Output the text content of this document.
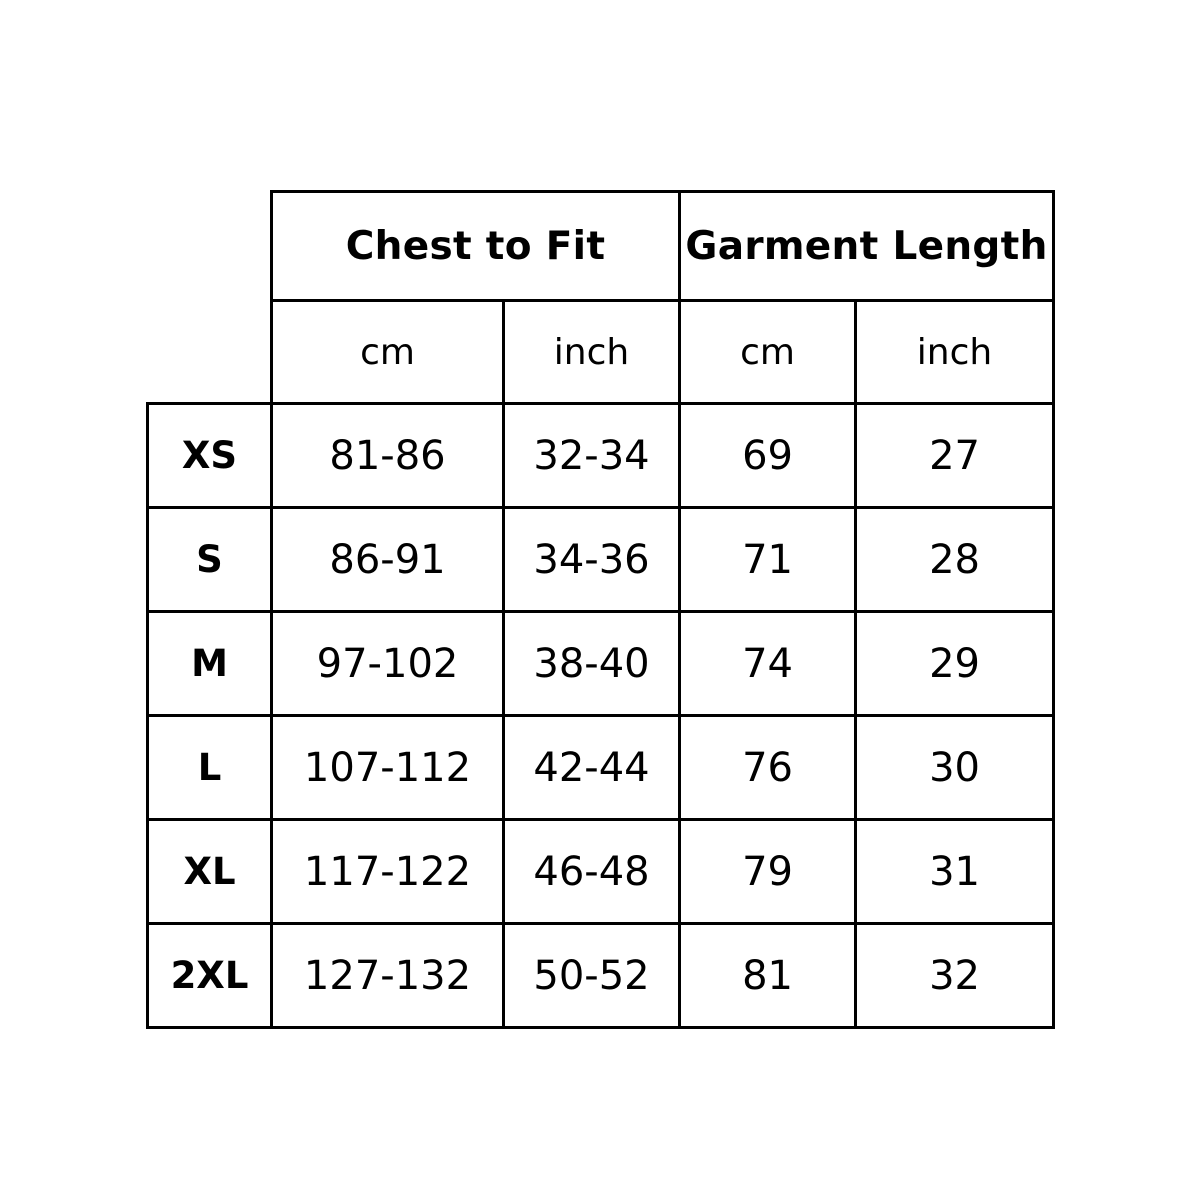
	Chest to Fit		Garment Length	
	cm	inch	cm	inch
XS	81-86	32-34	69	27
S	86-91	34-36	71	28
M	97-102	38-40	74	29
L	107-112	42-44	76	30
XL	117-122	46-48	79	31
2XL	127-132	50-52	81	32
